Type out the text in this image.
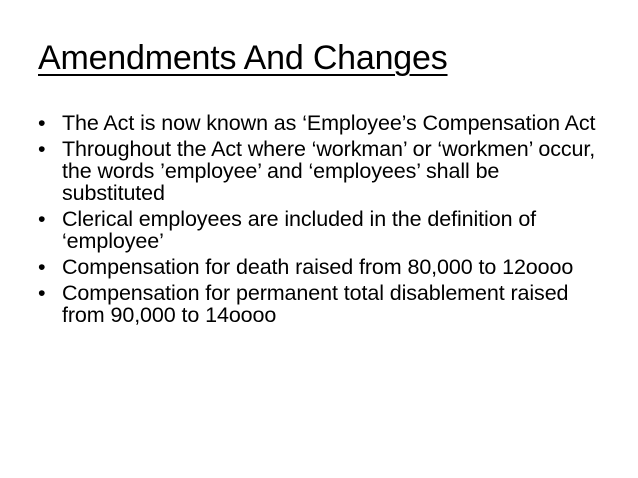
Amendments And Changes
• The Act is now known as ‘Employee’s Compensation Act
• Throughout the Act where ‘workman’ or ‘workmen’ occur, the words ’employee’ and ‘employees’ shall be substituted
• Clerical employees are included in the definition of ‘employee’
• Compensation for death raised from 80,000 to 12oooo
• Compensation for permanent total disablement raised from 90,000 to 14oooo
